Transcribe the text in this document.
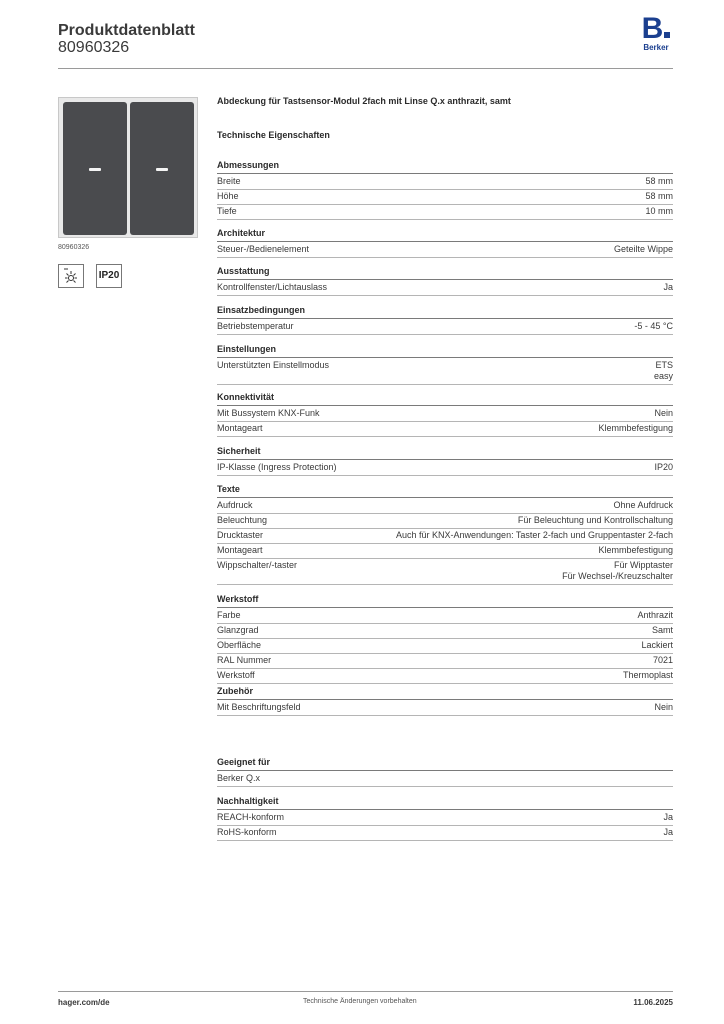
Produktdatenblatt
80960326
B
Berker
80960326
IP20
Abdeckung für Tastsensor-Modul 2fach mit Linse Q.x anthrazit, samt
Technische Eigenschaften
Abmessungen
Breite	58 mm
Höhe	58 mm
Tiefe	10 mm
Architektur
Steuer-/Bedienelement	Geteilte Wippe
Ausstattung
Kontrollfenster/Lichtauslass	Ja
Einsatzbedingungen
Betriebstemperatur	-5 - 45 °C
Einstellungen
Unterstützten Einstellmodus	ETS
easy
Konnektivität
Mit Bussystem KNX-Funk	Nein
Montageart	Klemmbefestigung
Sicherheit
IP-Klasse (Ingress Protection)	IP20
Texte
Aufdruck	Ohne Aufdruck
Beleuchtung	Für Beleuchtung und Kontrollschaltung
Drucktaster	Auch für KNX-Anwendungen: Taster 2-fach und Gruppentaster 2-fach
Montageart	Klemmbefestigung
Wippschalter/-taster	Für Wipptaster
Für Wechsel-/Kreuzschalter
Werkstoff
Farbe	Anthrazit
Glanzgrad	Samt
Oberfläche	Lackiert
RAL Nummer	7021
Werkstoff	Thermoplast
Zubehör
Mit Beschriftungsfeld	Nein
Geeignet für
Berker Q.x
Nachhaltigkeit
REACH-konform	Ja
RoHS-konform	Ja
hager.com/de	Technische Änderungen vorbehalten	11.06.2025
